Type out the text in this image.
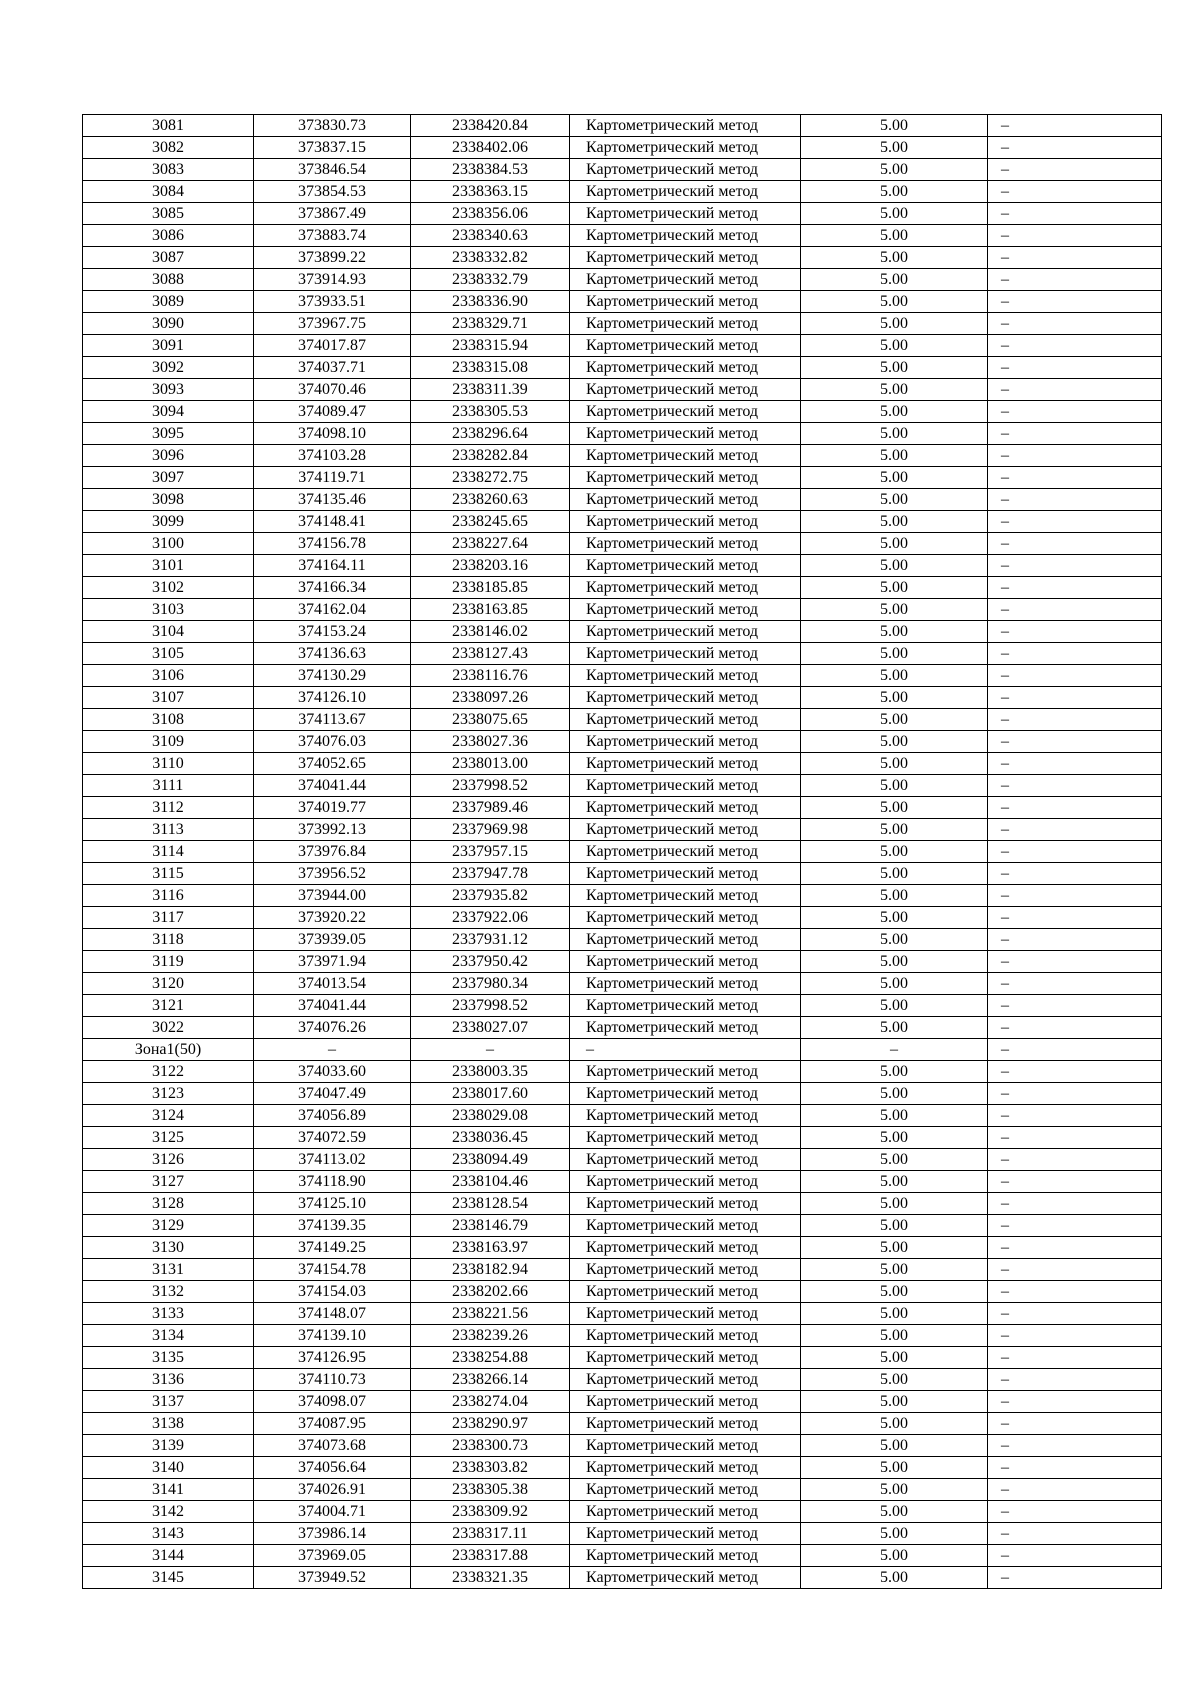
3081	373830.73	2338420.84	Картометрический метод	5.00	–
3082	373837.15	2338402.06	Картометрический метод	5.00	–
3083	373846.54	2338384.53	Картометрический метод	5.00	–
3084	373854.53	2338363.15	Картометрический метод	5.00	–
3085	373867.49	2338356.06	Картометрический метод	5.00	–
3086	373883.74	2338340.63	Картометрический метод	5.00	–
3087	373899.22	2338332.82	Картометрический метод	5.00	–
3088	373914.93	2338332.79	Картометрический метод	5.00	–
3089	373933.51	2338336.90	Картометрический метод	5.00	–
3090	373967.75	2338329.71	Картометрический метод	5.00	–
3091	374017.87	2338315.94	Картометрический метод	5.00	–
3092	374037.71	2338315.08	Картометрический метод	5.00	–
3093	374070.46	2338311.39	Картометрический метод	5.00	–
3094	374089.47	2338305.53	Картометрический метод	5.00	–
3095	374098.10	2338296.64	Картометрический метод	5.00	–
3096	374103.28	2338282.84	Картометрический метод	5.00	–
3097	374119.71	2338272.75	Картометрический метод	5.00	–
3098	374135.46	2338260.63	Картометрический метод	5.00	–
3099	374148.41	2338245.65	Картометрический метод	5.00	–
3100	374156.78	2338227.64	Картометрический метод	5.00	–
3101	374164.11	2338203.16	Картометрический метод	5.00	–
3102	374166.34	2338185.85	Картометрический метод	5.00	–
3103	374162.04	2338163.85	Картометрический метод	5.00	–
3104	374153.24	2338146.02	Картометрический метод	5.00	–
3105	374136.63	2338127.43	Картометрический метод	5.00	–
3106	374130.29	2338116.76	Картометрический метод	5.00	–
3107	374126.10	2338097.26	Картометрический метод	5.00	–
3108	374113.67	2338075.65	Картометрический метод	5.00	–
3109	374076.03	2338027.36	Картометрический метод	5.00	–
3110	374052.65	2338013.00	Картометрический метод	5.00	–
3111	374041.44	2337998.52	Картометрический метод	5.00	–
3112	374019.77	2337989.46	Картометрический метод	5.00	–
3113	373992.13	2337969.98	Картометрический метод	5.00	–
3114	373976.84	2337957.15	Картометрический метод	5.00	–
3115	373956.52	2337947.78	Картометрический метод	5.00	–
3116	373944.00	2337935.82	Картометрический метод	5.00	–
3117	373920.22	2337922.06	Картометрический метод	5.00	–
3118	373939.05	2337931.12	Картометрический метод	5.00	–
3119	373971.94	2337950.42	Картометрический метод	5.00	–
3120	374013.54	2337980.34	Картометрический метод	5.00	–
3121	374041.44	2337998.52	Картометрический метод	5.00	–
3022	374076.26	2338027.07	Картометрический метод	5.00	–
Зона1(50)	–	–	–	–	–
3122	374033.60	2338003.35	Картометрический метод	5.00	–
3123	374047.49	2338017.60	Картометрический метод	5.00	–
3124	374056.89	2338029.08	Картометрический метод	5.00	–
3125	374072.59	2338036.45	Картометрический метод	5.00	–
3126	374113.02	2338094.49	Картометрический метод	5.00	–
3127	374118.90	2338104.46	Картометрический метод	5.00	–
3128	374125.10	2338128.54	Картометрический метод	5.00	–
3129	374139.35	2338146.79	Картометрический метод	5.00	–
3130	374149.25	2338163.97	Картометрический метод	5.00	–
3131	374154.78	2338182.94	Картометрический метод	5.00	–
3132	374154.03	2338202.66	Картометрический метод	5.00	–
3133	374148.07	2338221.56	Картометрический метод	5.00	–
3134	374139.10	2338239.26	Картометрический метод	5.00	–
3135	374126.95	2338254.88	Картометрический метод	5.00	–
3136	374110.73	2338266.14	Картометрический метод	5.00	–
3137	374098.07	2338274.04	Картометрический метод	5.00	–
3138	374087.95	2338290.97	Картометрический метод	5.00	–
3139	374073.68	2338300.73	Картометрический метод	5.00	–
3140	374056.64	2338303.82	Картометрический метод	5.00	–
3141	374026.91	2338305.38	Картометрический метод	5.00	–
3142	374004.71	2338309.92	Картометрический метод	5.00	–
3143	373986.14	2338317.11	Картометрический метод	5.00	–
3144	373969.05	2338317.88	Картометрический метод	5.00	–
3145	373949.52	2338321.35	Картометрический метод	5.00	–
